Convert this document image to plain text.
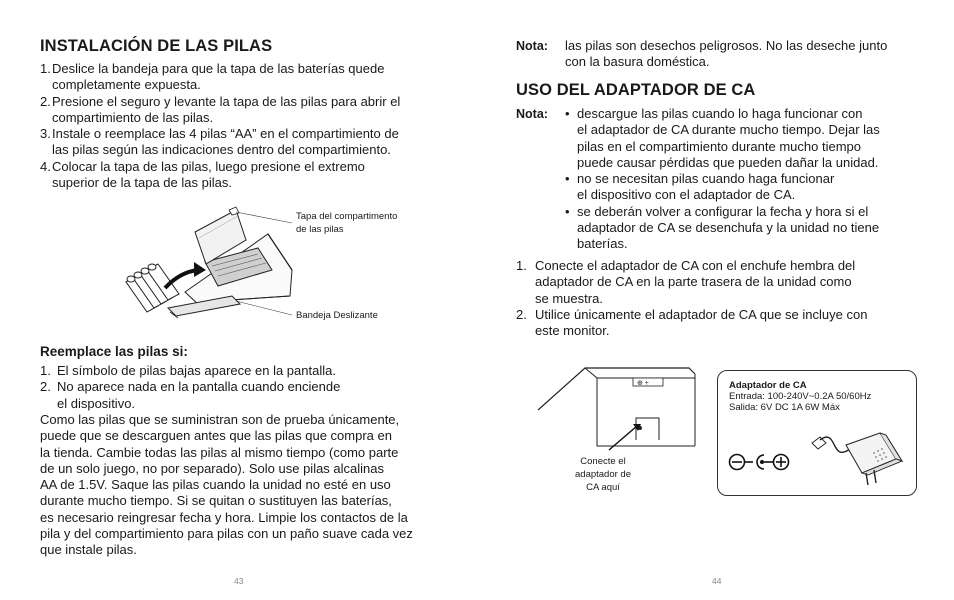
INSTALACIÓN DE LAS PILAS
1. Deslice la bandeja para que la tapa de las baterías quede
completamente expuesta.
2. Presione el seguro y levante la tapa de las pilas para abrir el
compartimiento de las pilas.
3. Instale o reemplace las 4 pilas “AA” en el compartimiento de
las pilas según las indicaciones dentro del compartimiento.
4. Colocar la tapa de las pilas, luego presione el extremo
superior de la tapa de las pilas.
Tapa del compartimento
de las pilas
Bandeja Deslizante
Reemplace las pilas si:
1. El símbolo de pilas bajas aparece en la pantalla.
2. No aparece nada en la pantalla cuando enciende
el dispositivo.
Como las pilas que se suministran son de prueba únicamente,
puede que se descarguen antes que las pilas que compra en
la tienda. Cambie todas las pilas al mismo tiempo (como parte
de un solo juego, no por separado). Solo use pilas alcalinas
AA de 1.5V. Saque las pilas cuando la unidad no esté en uso
durante mucho tiempo. Si se quitan o sustituyen las baterías,
es necesario reingresar fecha y hora. Limpie los contactos de la
pila y del compartimiento para pilas con un paño suave cada vez
que instale pilas.
43
Nota: las pilas son desechos peligrosos. No las deseche junto
con la basura doméstica.
USO DEL ADAPTADOR DE CA
Nota: • descargue las pilas cuando lo haga funcionar con
el adaptador de CA durante mucho tiempo. Dejar las
pilas en el compartimiento durante mucho tiempo
puede causar pérdidas que pueden dañar la unidad.
• no se necesitan pilas cuando haga funcionar
el dispositivo con el adaptador de CA.
• se deberán volver a configurar la fecha y hora si el
adaptador de CA se desenchufa y la unidad no tiene
baterías.
1. Conecte el adaptador de CA con el enchufe hembra del
adaptador de CA en la parte trasera de la unidad como
se muestra.
2. Utilice únicamente el adaptador de CA que se incluye con
este monitor.
⊕ +
Conecte el
adaptador de
CA aquí
Adaptador de CA
Entrada: 100-240V~0.2A 50/60Hz
Salida: 6V DC 1A 6W Máx
44
